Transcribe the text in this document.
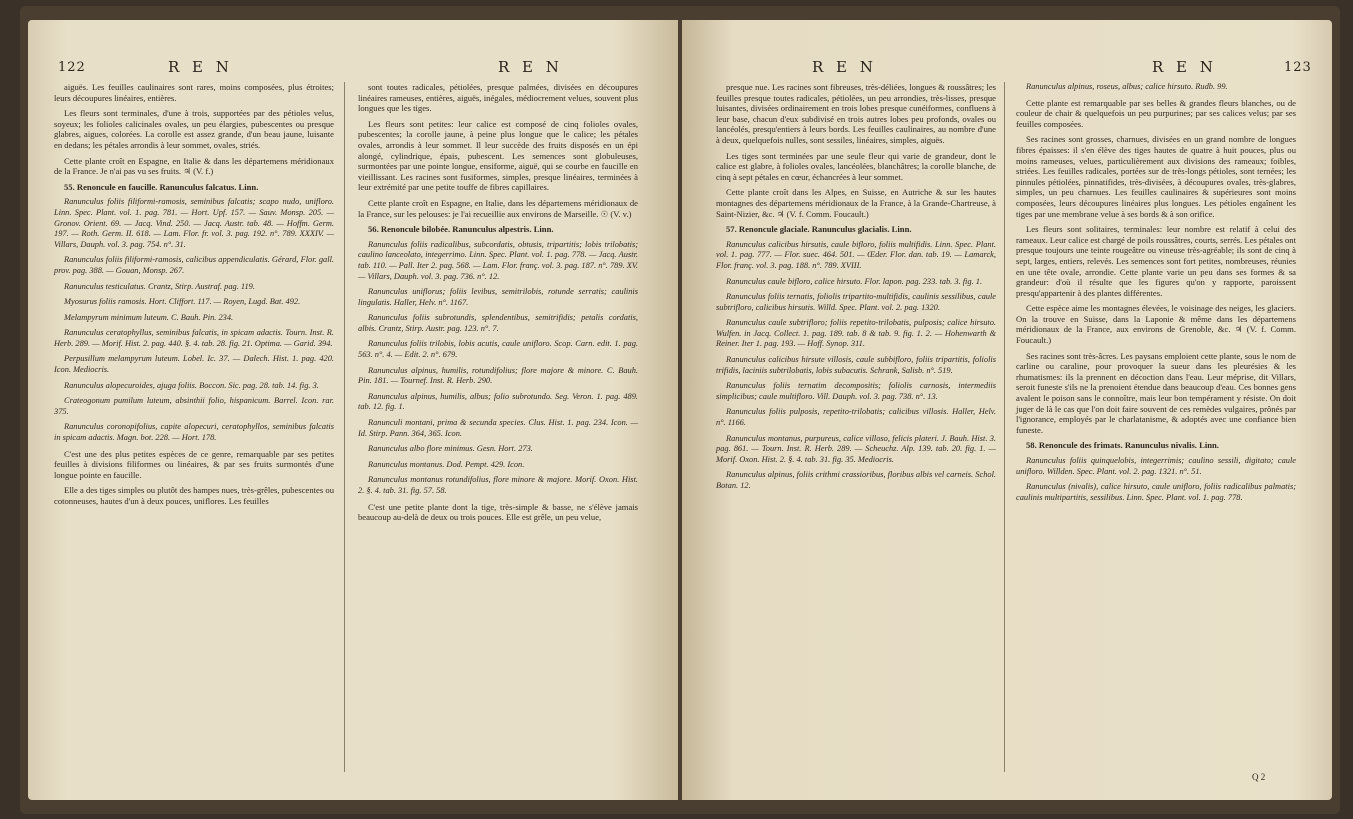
122	R E N	R E N

aiguës. Les feuilles caulinaires sont rares, moins composées, plus étroites; leurs découpures linéaires, entières.

Les fleurs sont terminales, d'une à trois, supportées par des pétioles velus, soyeux; les folioles calicinales ovales, un peu élargies, pubescentes ou presque glabres, aigues, colorées. La corolle est assez grande, d'un beau jaune, luisante en dedans; les pétales arrondis à leur sommet, ovales, striés.

Cette plante croît en Espagne, en Italie & dans les départemens méridionaux de la France. Je n'ai pas vu ses fruits. ♃ (V. f.)

55. Renoncule en faucille. Ranunculus falcatus. Linn.

Ranunculus foliis filiformi-ramosis, seminibus falcatis; scapo nudo, unifloro. Linn. Spec. Plant. vol. 1. pag. 781. — Hort. Upf. 157. — Sauv. Monsp. 205. — Gronov. Orient. 69. — Jacq. Vind. 250. — Jacq. Austr. tab. 48. — Hoffm. Germ. 197. — Roth. Germ. II. 618. — Lam. Flor. fr. vol. 3. pag. 192. n°. 789. XXXIV. — Villars, Dauph. vol. 3. pag. 754. n°. 31.

Ranunculus foliis filiformi-ramosis, calicibus appendiculatis. Gérard, Flor. gall. prov. pag. 388. — Gouan, Monsp. 267.

Ranunculus testiculatus. Crantz, Stirp. Austraf. pag. 119.

Myosurus foliis ramosis. Hort. Cliffort. 117. — Royen, Lugd. Bat. 492.

Melampyrum minimum luteum. C. Bauh. Pin. 234.

Ranunculus ceratophyllus, seminibus falcatis, in spicam adactis. Tourn. Inst. R. Herb. 289. — Morif. Hist. 2. pag. 440. §. 4. tab. 28. fig. 21. Optima. — Garid. 394.

Perpusillum melampyrum luteum. Lobel. Ic. 37. — Dalech. Hist. 1. pag. 420. Icon. Mediocris.

Ranunculus alopecuroides, ajuga foliis. Boccon. Sic. pag. 28. tab. 14. fig. 3.

Crateogonum pumilum luteum, absinthii folio, hispanicum. Barrel. Icon. rar. 375.

Ranunculus coronopifolius, capite alopecuri, ceratophyllos, seminibus falcatis in spicam adactis. Magn. bot. 228. — Hort. 178.

C'est une des plus petites espèces de ce genre, remarquable par ses petites feuilles à divisions filiformes ou linéaires, & par ses fruits surmontés d'une longue pointe en faucille.

Elle a des tiges simples ou plutôt des hampes nues, très-grêles, pubescentes ou cotonneuses, hautes d'un à deux pouces, uniflores. Les feuilles

sont toutes radicales, pétiolées, presque palmées, divisées en découpures linéaires rameuses, entières, aiguës, inégales, médiocrement velues, souvent plus longues que les tiges.

Les fleurs sont petites: leur calice est composé de cinq folioles ovales, pubescentes; la corolle jaune, à peine plus longue que le calice; les pétales ovales, arrondis à leur sommet. Il leur succède des fruits disposés en un épi alongé, cylindrique, épais, pubescent. Les semences sont globuleuses, surmontées par une pointe longue, ensiforme, aiguë, qui se courbe en faucille en vieillissant. Les racines sont fusiformes, simples, presque linéaires, terminées à leur extrémité par une petite touffe de fibres capillaires.

Cette plante croît en Espagne, en Italie, dans les départemens méridionaux de la France, sur les pelouses: je l'ai recueillie aux environs de Marseille. ☉ (V. v.)

56. Renoncule bilobée. Ranunculus alpestris. Linn.

Ranunculus foliis radicalibus, subcordatis, obtusis, tripartitis; lobis trilobatis; caulino lanceolato, integerrimo. Linn. Spec. Plant. vol. 1. pag. 778. — Jacq. Austr. tab. 110. — Pall. Iter 2. pag. 568. — Lam. Flor. franç. vol. 3. pag. 187. n°. 789. XV. — Villars, Dauph. vol. 3. pag. 736. n°. 12.

Ranunculus uniflorus; foliis levibus, semitrilobis, rotunde serratis; caulinis lingulatis. Haller, Helv. n°. 1167.

Ranunculus foliis subrotundis, splendentibus, semitrifidis; petalis cordatis, albis. Crantz, Stirp. Austr. pag. 123. n°. 7.

Ranunculus foliis trilobis, lobis acutis, caule unifloro. Scop. Carn. edit. 1. pag. 563. n°. 4. — Edit. 2. n°. 679.

Ranunculus alpinus, humilis, rotundifolius; flore majore & minore. C. Bauh. Pin. 181. — Tournef. Inst. R. Herb. 290.

Ranunculus alpinus, humilis, albus; folio subrotundo. Seg. Veron. 1. pag. 489. tab. 12. fig. 1.

Ranunculi montani, prima & secunda species. Clus. Hist. 1. pag. 234. Icon. — Id. Stirp. Pann. 364, 365. Icon.

Ranunculus albo flore minimus. Gesn. Hort. 273.

Ranunculus montanus. Dod. Pempt. 429. Icon.

Ranunculus montanus rotundifolius, flore minore & majore. Morif. Oxon. Hist. 2. §. 4. tab. 31. fig. 57. 58.

C'est une petite plante dont la tige, très-simple & basse, ne s'élève jamais beaucoup au-delà de deux ou trois pouces. Elle est grêle, un peu velue,

R E N	R E N	123

presque nue. Les racines sont fibreuses, très-déliées, longues & roussâtres; les feuilles presque toutes radicales, pétiolées, un peu arrondies, très-lisses, presque luisantes, divisées ordinairement en trois lobes presque cunéiformes, confluens à leur base, chacun d'eux subdivisé en trois autres lobes peu profonds, ovales ou lancéolés, presqu'entiers à leurs bords. Les feuilles caulinaires, au nombre d'une à deux, quelquefois nulles, sont sessiles, linéaires, simples, aiguës.

Les tiges sont terminées par une seule fleur qui varie de grandeur, dont le calice est glabre, à folioles ovales, lancéolées, blanchâtres; la corolle blanche, de cinq à sept pétales en cœur, échancrées à leur sommet.

Cette plante croît dans les Alpes, en Suisse, en Autriche & sur les hautes montagnes des départemens méridionaux de la France, à la Grande-Chartreuse, à Saint-Nizier, &c. ♃ (V. f. Comm. Foucault.)

57. Renoncule glaciale. Ranunculus glacialis. Linn.

Ranunculus calicibus hirsutis, caule bifloro, foliis multifidis. Linn. Spec. Plant. vol. 1. pag. 777. — Flor. suec. 464. 501. — Œder. Flor. dan. tab. 19. — Lamarck, Flor. franç. vol. 3. pag. 188. n°. 789. XVIII.

Ranunculus caule bifloro, calice hirsuto. Flor. lapon. pag. 233. tab. 3. fig. 1.

Ranunculus foliis ternatis, foliolis tripartito-multifidis, caulinis sessilibus, caule subtrifloro, calicibus hirsutis. Willd. Spec. Plant. vol. 2. pag. 1320.

Ranunculus caule subtrifloro; foliis repetito-trilobatis, pulposis; calice hirsuto. Wulfen. in Jacq. Collect. 1. pag. 189. tab. 8 & tab. 9. fig. 1. 2. — Hohenwarth & Reiner. Iter 1. pag. 193. — Hoff. Synop. 311.

Ranunculus calicibus hirsute villosis, caule subbifloro, foliis tripartitis, foliolis trifidis, laciniis subtrilobatis, lobis subacutis. Schrank, Salisb. n°. 519.

Ranunculus foliis ternatim decompositis; foliolis carnosis, intermediis simplicibus; caule multifloro. Vill. Dauph. vol. 3. pag. 738. n°. 13.

Ranunculus foliis pulposis, repetito-trilobatis; calicibus villosis. Haller, Helv. n°. 1166.

Ranunculus montanus, purpureus, calice villoso, felicis plateri. J. Bauh. Hist. 3. pag. 861. — Tourn. Inst. R. Herb. 289. — Scheuchz. Alp. 139. tab. 20. fig. 1. — Morif. Oxon. Hist. 2. §. 4. tab. 31. fig. 35. Mediocris.

Ranunculus alpinus, foliis crithmi crassioribus, floribus albis vel carneis. Schol. Botan. 12.

Ranunculus alpinus, roseus, albus; calice hirsuto. Rudb. 99.

Cette plante est remarquable par ses belles & grandes fleurs blanches, ou de couleur de chair & quelquefois un peu purpurines; par ses calices velus; par ses feuilles composées.

Ses racines sont grosses, charnues, divisées en un grand nombre de longues fibres épaisses: il s'en élève des tiges hautes de quatre à huit pouces, plus ou moins rameuses, velues, particulièrement aux divisions des rameaux; foibles, striées. Les feuilles radicales, portées sur de très-longs pétioles, sont ternées; les pinnules pétiolées, pinnatifides, très-divisées, à découpures ovales, très-glabres, simples, un peu charnues. Les feuilles caulinaires & supérieures sont moins composées, leurs découpures linéaires plus longues. Les pétioles engaînent les tiges par une membrane velue à ses bords & à son orifice.

Les fleurs sont solitaires, terminales: leur nombre est relatif à celui des rameaux. Leur calice est chargé de poils roussâtres, courts, serrés. Les pétales ont presque toujours une teinte rougeâtre ou vineuse très-agréable; ils sont de cinq à sept, larges, entiers, relevés. Les semences sont fort petites, nombreuses, réunies en une tête ovale, arrondie. Cette plante varie un peu dans ses formes & sa grandeur: d'où il résulte que les figures qu'on y rapporte, paroissent presqu'appartenir à des plantes différentes.

Cette espèce aime les montagnes élevées, le voisinage des neiges, les glaciers. On la trouve en Suisse, dans la Laponie & même dans les départemens méridionaux de la France, aux environs de Grenoble, &c. ♃ (V. f. Comm. Foucault.)

Ses racines sont très-âcres. Les paysans emploient cette plante, sous le nom de carline ou caraline, pour provoquer la sueur dans les pleurésies & les rhumatismes: ils la prennent en décoction dans l'eau. Leur méprise, dit Villars, seroit funeste s'ils ne la prenoient étendue dans beaucoup d'eau. Ces bonnes gens avalent le poison sans le connoître, mais leur bon tempérament y résiste. On doit juger de là le cas que l'on doit faire souvent de ces remèdes vulgaires, prônés par l'ignorance, employés par le charlatanisme, & adoptés avec une confiance bien funeste.

58. Renoncule des frimats. Ranunculus nivalis. Linn.

Ranunculus foliis quinquelobis, integerrimis; caulino sessili, digitato; caule unifloro. Willden. Spec. Plant. vol. 2. pag. 1321. n°. 51.

Ranunculus (nivalis), calice hirsuto, caule unifloro, foliis radicalibus palmatis; caulinis multipartitis, sessilibus. Linn. Spec. Plant. vol. 1. pag. 778.

Q 2
